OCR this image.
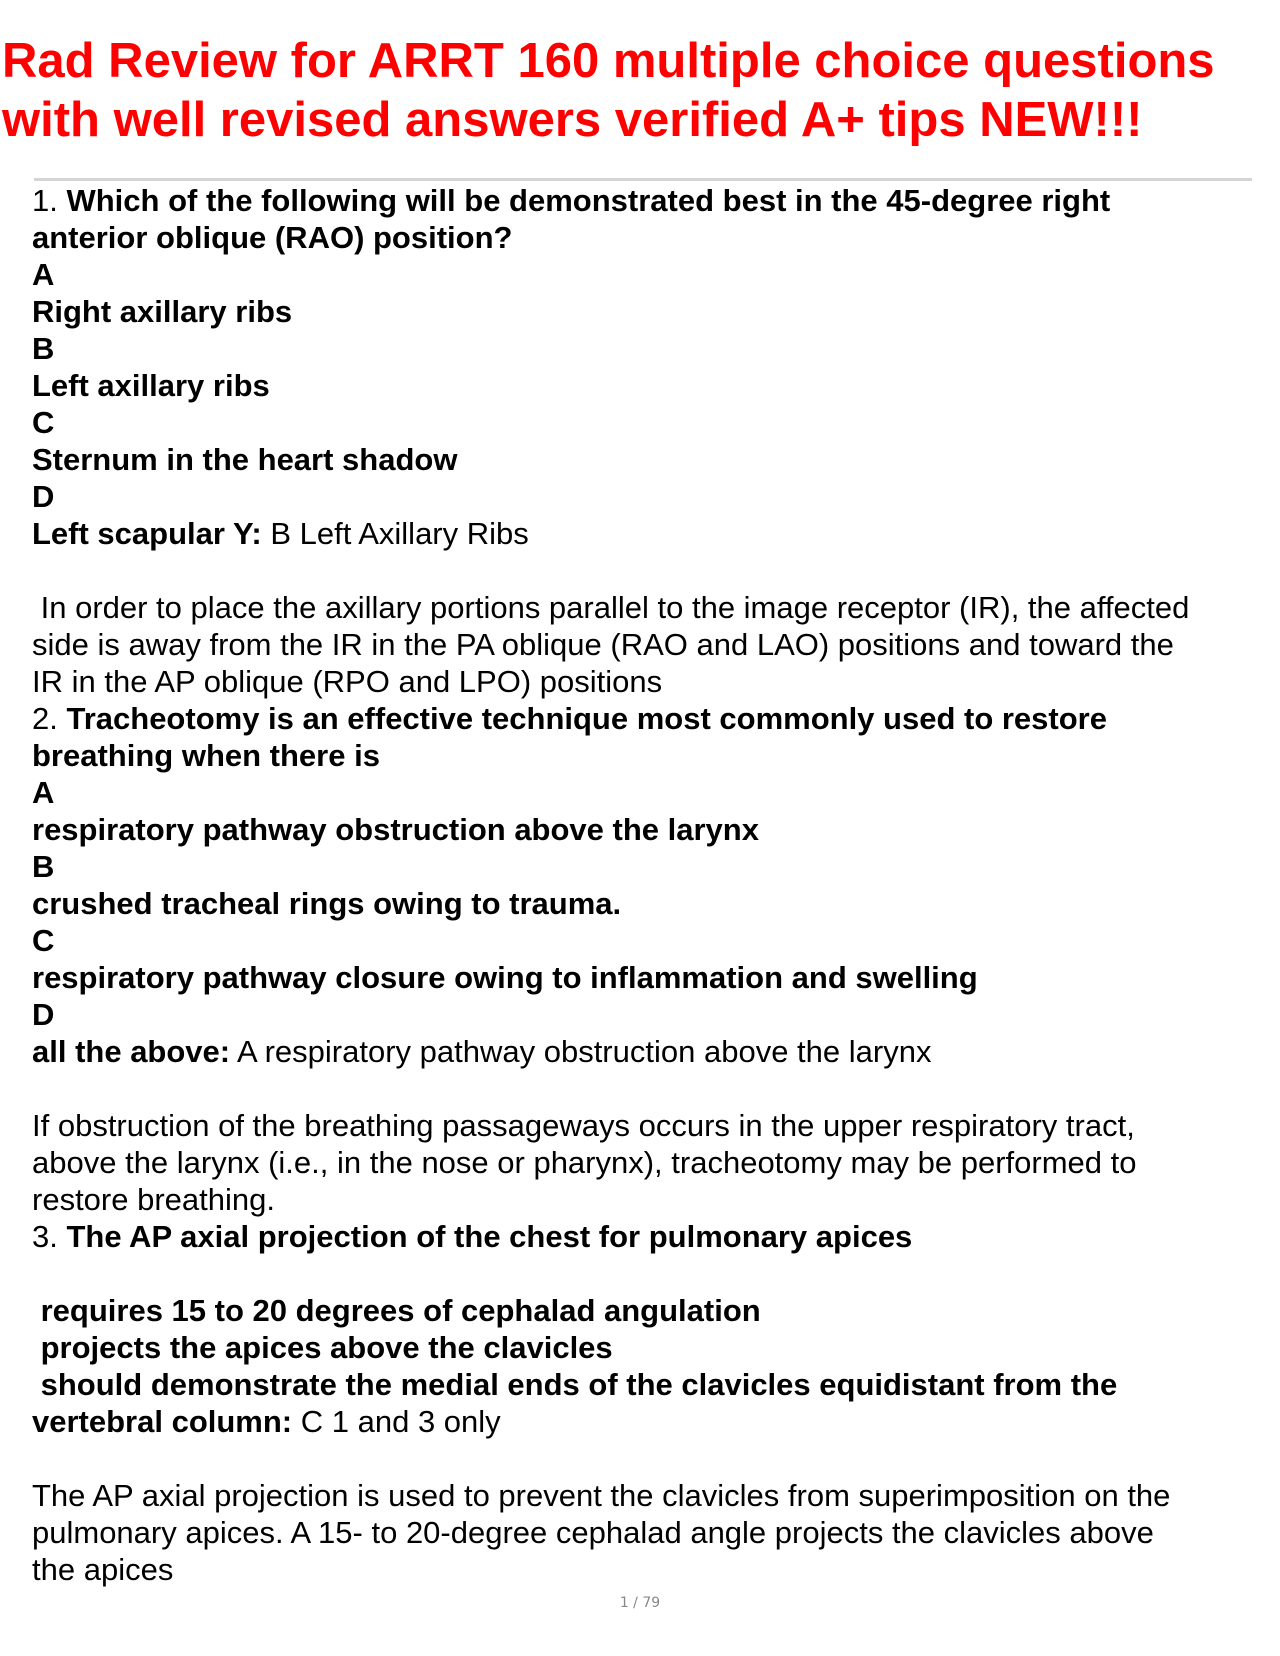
Rad Review for ARRT 160 multiple choice questions
with well revised answers verified A+ tips NEW!!!
1. Which of the following will be demonstrated best in the 45-degree right
anterior oblique (RAO) position?
A
Right axillary ribs
B
Left axillary ribs
C
Sternum in the heart shadow
D
Left scapular Y: B Left Axillary Ribs
In order to place the axillary portions parallel to the image receptor (IR), the affected
side is away from the IR in the PA oblique (RAO and LAO) positions and toward the
IR in the AP oblique (RPO and LPO) positions
2. Tracheotomy is an effective technique most commonly used to restore
breathing when there is
A
respiratory pathway obstruction above the larynx
B
crushed tracheal rings owing to trauma.
C
respiratory pathway closure owing to inflammation and swelling
D
all the above: A respiratory pathway obstruction above the larynx
If obstruction of the breathing passageways occurs in the upper respiratory tract,
above the larynx (i.e., in the nose or pharynx), tracheotomy may be performed to
restore breathing.
3. The AP axial projection of the chest for pulmonary apices
requires 15 to 20 degrees of cephalad angulation
projects the apices above the clavicles
should demonstrate the medial ends of the clavicles equidistant from the
vertebral column: C 1 and 3 only
The AP axial projection is used to prevent the clavicles from superimposition on the
pulmonary apices. A 15- to 20-degree cephalad angle projects the clavicles above
the apices
1 / 79
